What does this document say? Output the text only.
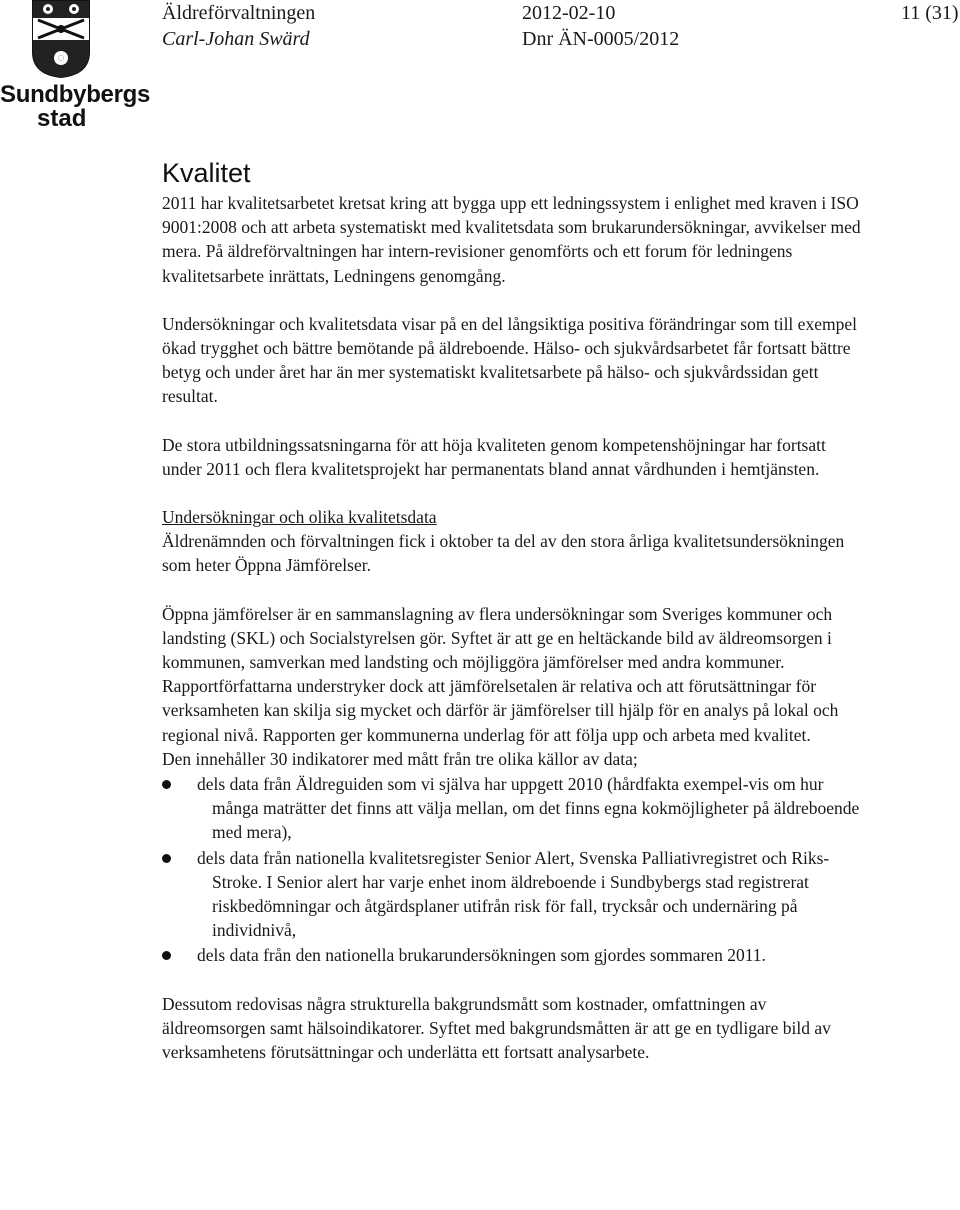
Sundbybergs
stad
Äldreförvaltningen
Carl-Johan Swärd
2012-02-10
Dnr ÄN-0005/2012
11 (31)
Kvalitet

2011 har kvalitetsarbetet kretsat kring att bygga upp ett ledningssystem i enlighet med kraven i ISO 9001:2008 och att arbeta systematiskt med kvalitetsdata som brukarundersökningar, avvikelser med mera. På äldreförvaltningen har intern-revisioner genomförts och ett forum för ledningens kvalitetsarbete inrättats, Ledningens genomgång.

Undersökningar och kvalitetsdata visar på en del långsiktiga positiva förändringar som till exempel ökad trygghet och bättre bemötande på äldreboende. Hälso- och sjukvårdsarbetet får fortsatt bättre betyg och under året har än mer systematiskt kvalitetsarbete på hälso- och sjukvårdssidan gett resultat.

De stora utbildningssatsningarna för att höja kvaliteten genom kompetenshöjningar har fortsatt under 2011 och flera kvalitetsprojekt har permanentats bland annat vårdhunden i hemtjänsten.

Undersökningar och olika kvalitetsdata

Äldrenämnden och förvaltningen fick i oktober ta del av den stora årliga kvalitetsundersökningen som heter Öppna Jämförelser.

Öppna jämförelser är en sammanslagning av flera undersökningar som Sveriges kommuner och landsting (SKL) och Socialstyrelsen gör. Syftet är att ge en heltäckande bild av äldreomsorgen i kommunen, samverkan med landsting och möjliggöra jämförelser med andra kommuner. Rapportförfattarna understryker dock att jämförelsetalen är relativa och att förutsättningar för verksamheten kan skilja sig mycket och därför är jämförelser till hjälp för en analys på lokal och regional nivå. Rapporten ger kommunerna underlag för att följa upp och arbeta med kvalitet.

Den innehåller 30 indikatorer med mått från tre olika källor av data;

dels data från Äldreguiden som vi själva har uppgett 2010 (hårdfakta exempel-vis om hur många maträtter det finns att välja mellan, om det finns egna kokmöjligheter på äldreboende med mera),
dels data från nationella kvalitetsregister Senior Alert, Svenska Palliativregistret och Riks-Stroke. I Senior alert har varje enhet inom äldreboende i Sundbybergs stad registrerat riskbedömningar och åtgärdsplaner utifrån risk för fall, trycksår och undernäring på individnivå,
dels data från den nationella brukarundersökningen som gjordes sommaren 2011.

Dessutom redovisas några strukturella bakgrundsmått som kostnader, omfattningen av äldreomsorgen samt hälsoindikatorer. Syftet med bakgrundsmåtten är att ge en tydligare bild av verksamhetens förutsättningar och underlätta ett fortsatt analysarbete.
